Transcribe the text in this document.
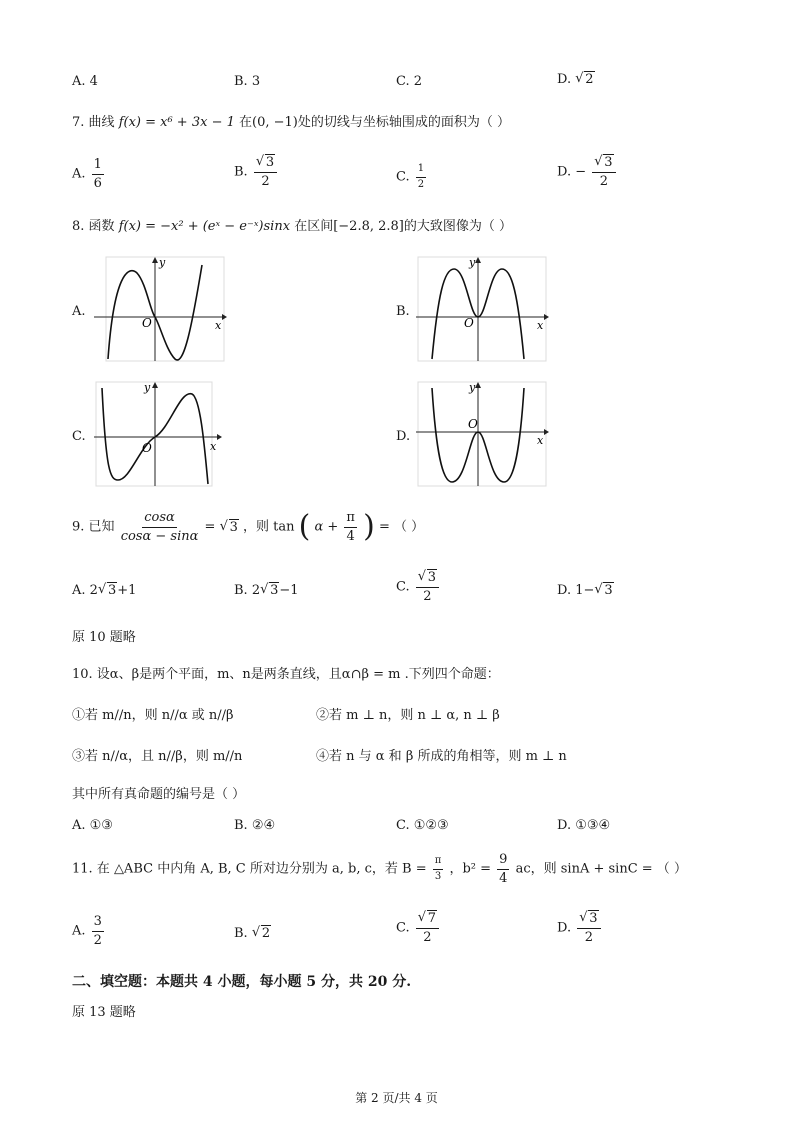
A. 4	B. 3	C. 2	D. √ 2
7. 曲线 f(x) = x⁶ + 3x − 1 在(0, −1)处的切线与坐标轴围成的面积为（ ）
A. $\frac{1}{6}$	B. √ $\frac{3}{2}$	C. $\frac{1}{2}$	D. − √ $\frac{3}{2}$
8. 函数 f(x) = −x² + (eˣ − e⁻ˣ)sinx 在区间[−2.8, 2.8]的大致图像为（ ）
A.	B.
C.	D.
O
y
x	O
y
x
O
y
x
O
y
x
9. 已知 $\frac{\cos\alpha}{\cos\alpha - \sin\alpha}$ = √ 3 ，则 tan ( $\alpha + \frac{\pi}{4}$ ) = （ ）
A. 2 √ 3+1	B. 2 √ 3−1	C. √ $\frac{3}{2}$	D. 1− √ 3
原 10 题略
10. 设α、β是两个平面，m、n是两条直线，且α∩β = m .下列四个命题：
①若 m//n，则 n//α 或 n//β	②若 m ⊥ n，则 n ⊥ α, n ⊥ β
③若 n//α，且 n//β，则 m//n	④若 n 与 α 和 β 所成的角相等，则 m ⊥ n
其中所有真命题的编号是（ ）
A. ①③	B. ②④	C. ①②③	D. ①③④
11. 在 △ABC 中内角 A, B, C 所对边分别为 a, b, c，若 $B = \frac{\pi}{3}$ ，$b^2 = \frac{9}{4}$ ac，则 sinA + sinC = （ ）
A. $\frac{3}{2}$	B. √ 2	C. √ $\frac{7}{2}$	D. √ $\frac{3}{2}$
二、填空题：本题共 4 小题，每小题 5 分，共 20 分.
原 13 题略
第 2 页/共 4 页
